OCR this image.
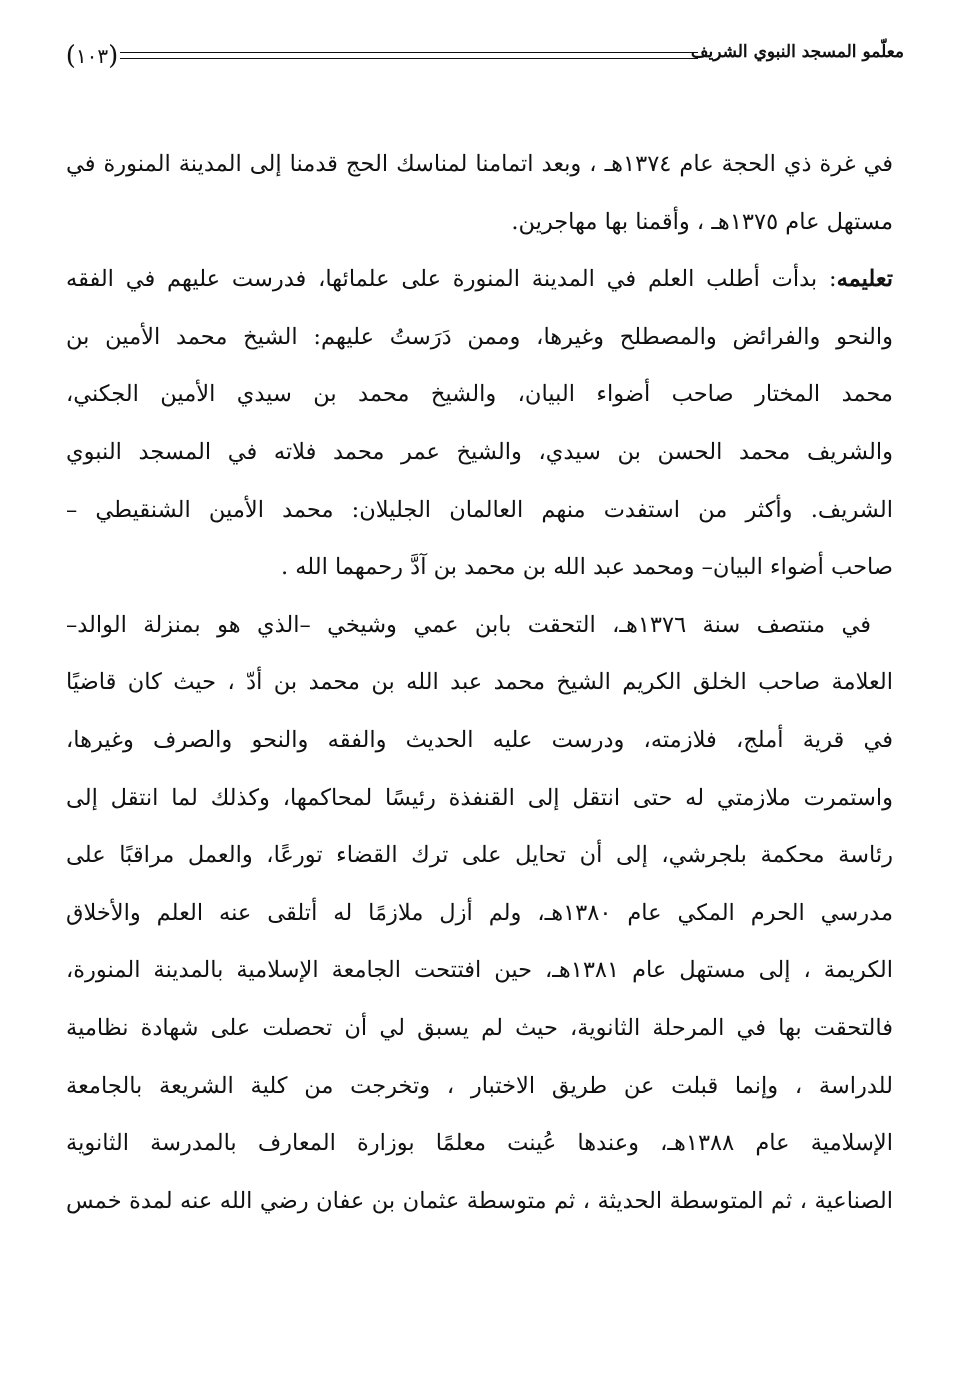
(
١٠٣
)	معلّمو المسجد النبوي الشريف
في غرة ذي الحجة عام ١٣٧٤هـ ، وبعد اتمامنا لمناسك الحج قدمنا إلى المدينة المنورة في
مستهل عام ١٣٧٥هـ ، وأقمنا بها مهاجرين.
تعليمه: بدأت أطلب العلم في المدينة المنورة على علمائها، فدرست عليهم في الفقه
والنحو والفرائض والمصطلح وغيرها، وممن دَرَستُ عليهم: الشيخ محمد الأمين بن
محمد المختار صاحب أضواء البيان، والشيخ محمد بن سيدي الأمين الجكني،
والشريف محمد الحسن بن سيدي، والشيخ عمر محمد فلاته في المسجد النبوي
الشريف. وأكثر من استفدت منهم العالمان الجليلان: محمد الأمين الشنقيطي –
صاحب أضواء البيان– ومحمد عبد الله بن محمد بن آدَّ رحمهما الله .
في منتصف سنة ١٣٧٦هـ، التحقت بابن عمي وشيخي –الذي هو بمنزلة الوالد–
العلامة صاحب الخلق الكريم الشيخ محمد عبد الله بن محمد بن أدّ ، حيث كان قاضيًا
في قرية أملج، فلازمته، ودرست عليه الحديث والفقه والنحو والصرف وغيرها،
واستمرت ملازمتي له حتى انتقل إلى القنفذة رئيسًا لمحاكمها، وكذلك لما انتقل إلى
رئاسة محكمة بلجرشي، إلى أن تحايل على ترك القضاء تورعًا، والعمل مراقبًا على
مدرسي الحرم المكي عام ١٣٨٠هـ، ولم أزل ملازمًا له أتلقى عنه العلم والأخلاق
الكريمة ، إلى مستهل عام ١٣٨١هـ، حين افتتحت الجامعة الإسلامية بالمدينة المنورة،
فالتحقت بها في المرحلة الثانوية، حيث لم يسبق لي أن تحصلت على شهادة نظامية
للدراسة ، وإنما قبلت عن طريق الاختبار ، وتخرجت من كلية الشريعة بالجامعة
الإسلامية عام ١٣٨٨هـ، وعندها عُينت معلمًا بوزارة المعارف بالمدرسة الثانوية
الصناعية ، ثم المتوسطة الحديثة ، ثم متوسطة عثمان بن عفان رضي الله عنه لمدة خمس
